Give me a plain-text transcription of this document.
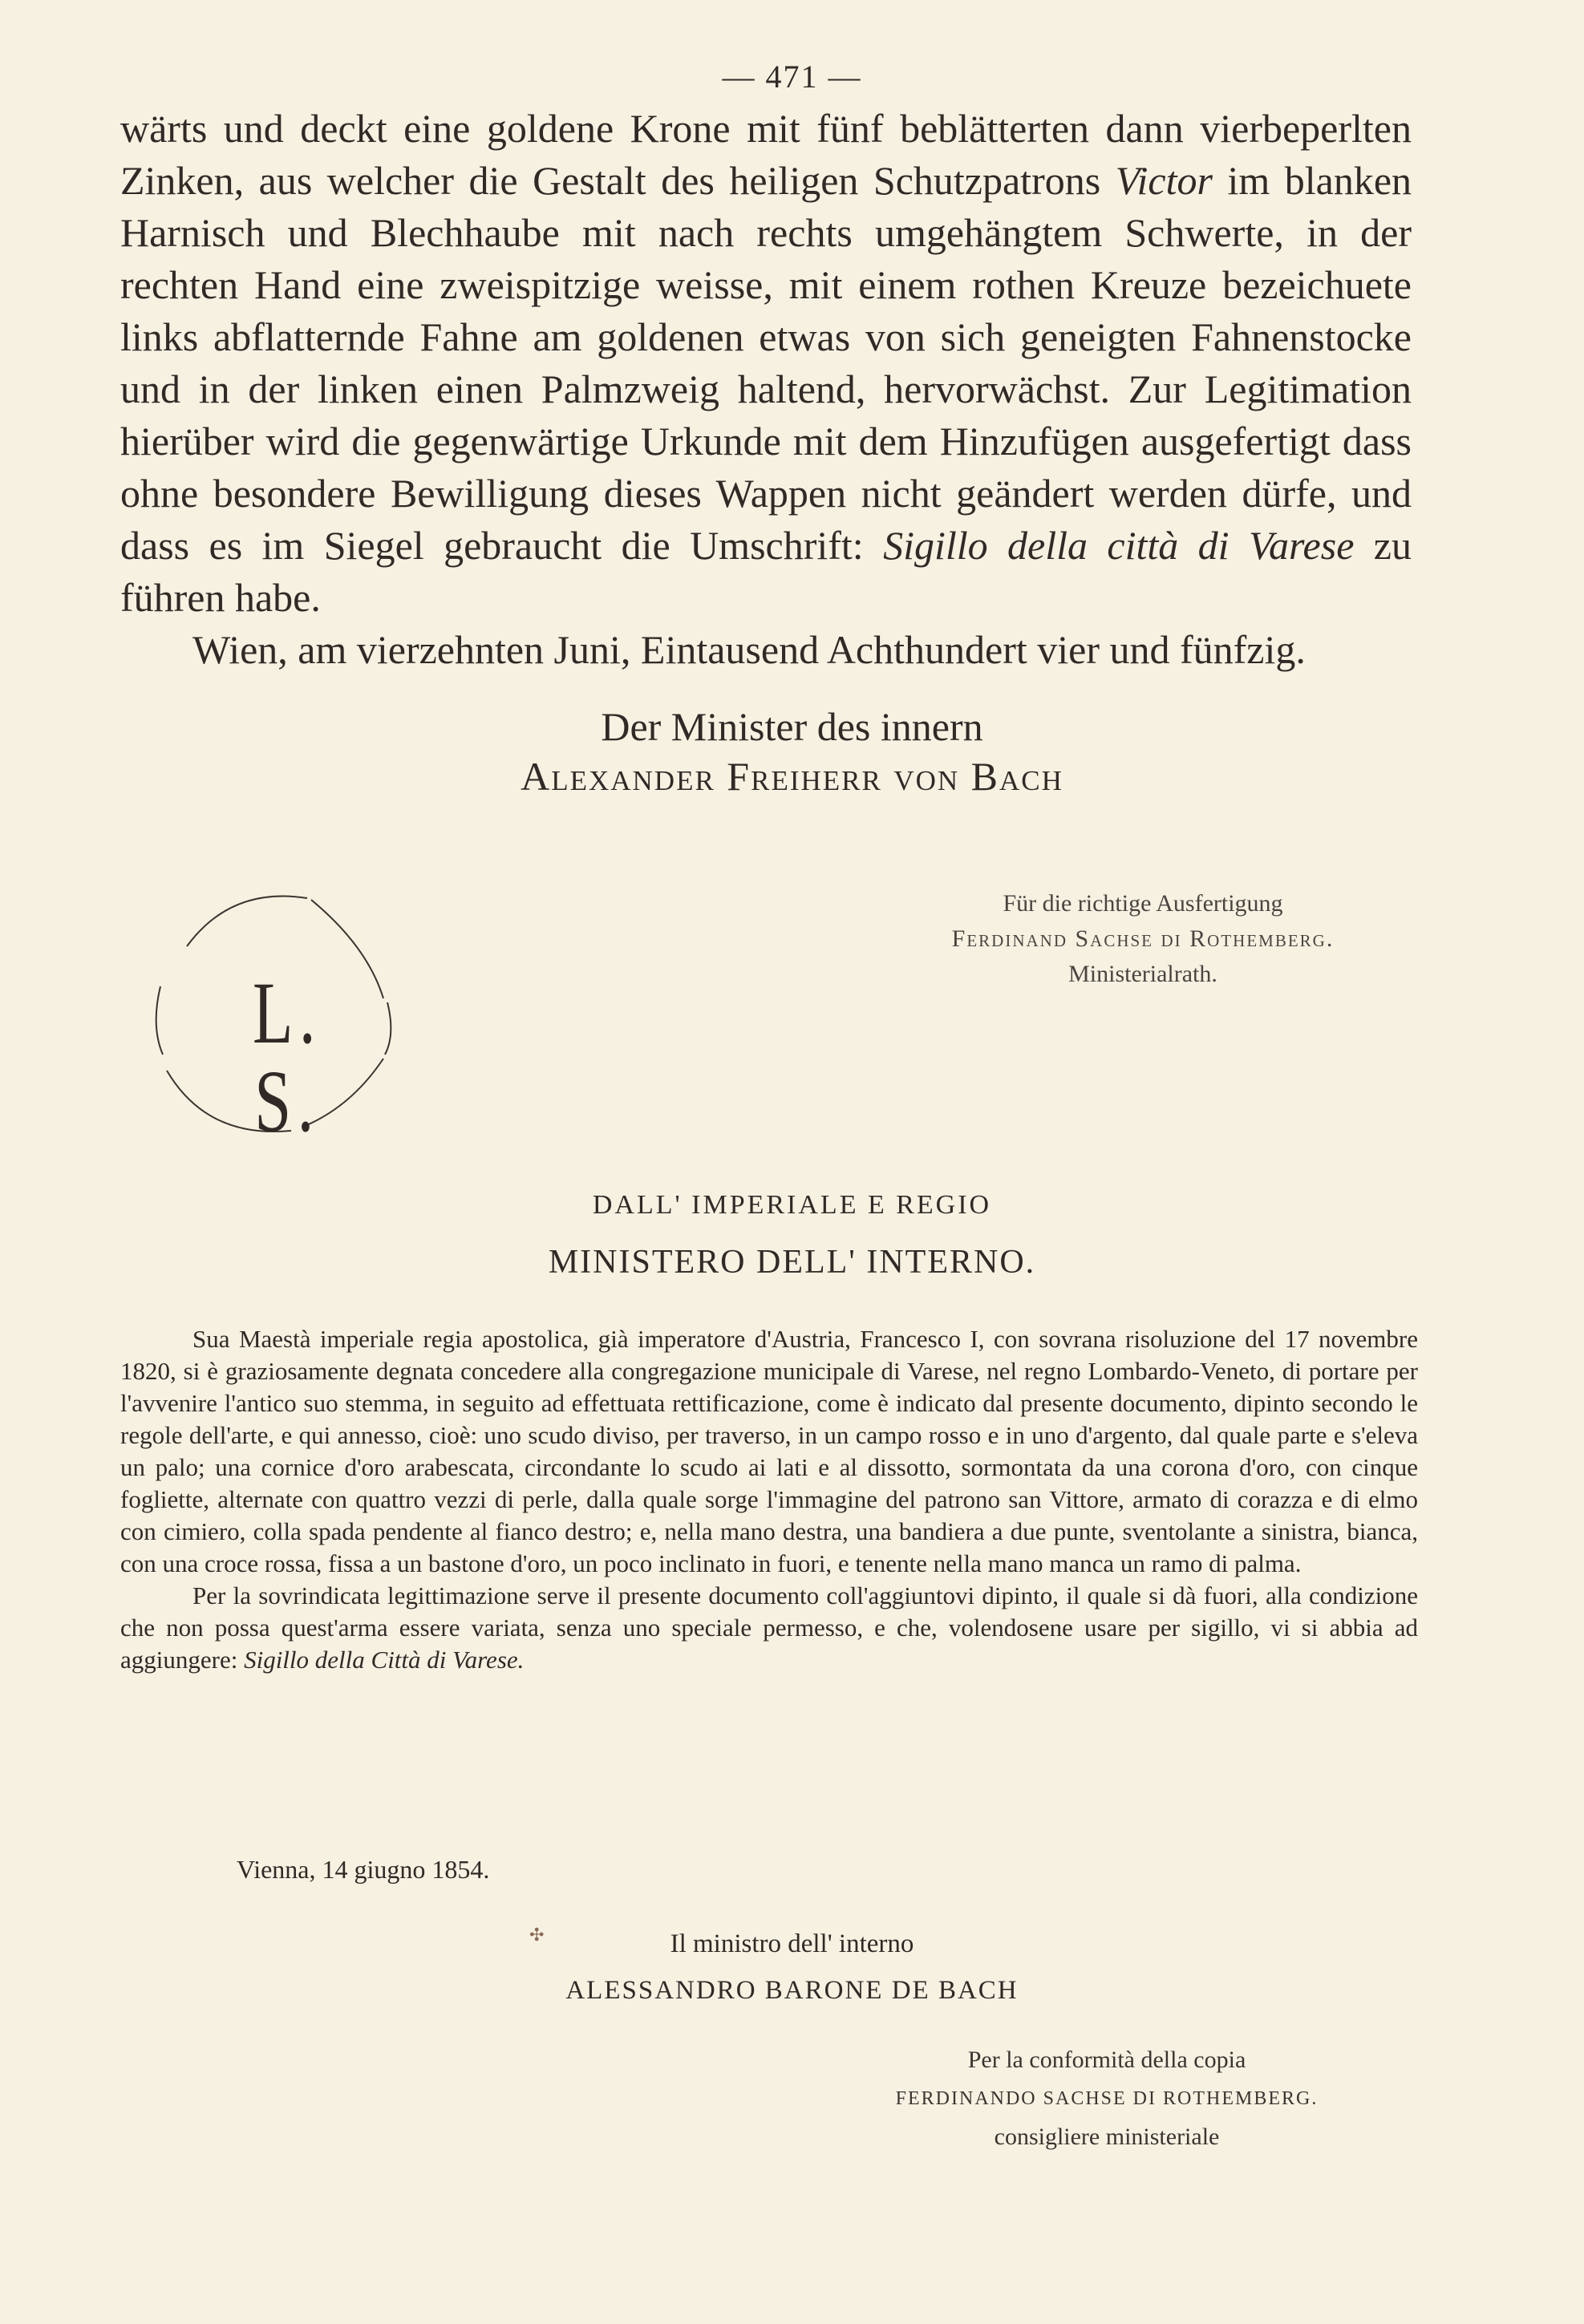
— 471 —

wärts und deckt eine goldene Krone mit fünf beblätterten dann vierbeperlten Zinken, aus welcher die Gestalt des heiligen Schutzpatrons Victor im blanken Harnisch und Blechhaube mit nach rechts umgehängtem Schwerte, in der rechten Hand eine zweispitzige weisse, mit einem rothen Kreuze bezeichuete links abflatternde Fahne am goldenen etwas von sich geneigten Fahnenstocke und in der linken einen Palmzweig haltend, hervorwächst. Zur Legitimation hierüber wird die gegenwärtige Urkunde mit dem Hinzufügen ausgefertigt dass ohne besondere Bewilligung dieses Wappen nicht geändert werden dürfe, und dass es im Siegel gebraucht die Umschrift: Sigillo della città di Varese zu führen habe.

Wien, am vierzehnten Juni, Eintausend Achthundert vier und fünfzig.

Der Minister des innern
Alexander Freiherr von Bach
L. S.
Für die richtige Ausfertigung
Ferdinand Sachse di Rothemberg.
Ministerialrath.
DALL' IMPERIALE E REGIO
MINISTERO DELL' INTERNO.

Sua Maestà imperiale regia apostolica, già imperatore d'Austria, Francesco I, con sovrana risoluzione del 17 novembre 1820, si è graziosamente degnata concedere alla congregazione municipale di Varese, nel regno Lombardo-Veneto, di portare per l'avvenire l'antico suo stemma, in seguito ad effettuata rettificazione, come è indicato dal presente documento, dipinto secondo le regole dell'arte, e qui annesso, cioè: uno scudo diviso, per traverso, in un campo rosso e in uno d'argento, dal quale parte e s'eleva un palo; una cornice d'oro arabescata, circondante lo scudo ai lati e al dissotto, sormontata da una corona d'oro, con cinque fogliette, alternate con quattro vezzi di perle, dalla quale sorge l'immagine del patrono san Vittore, armato di corazza e di elmo con cimiero, colla spada pendente al fianco destro; e, nella mano destra, una bandiera a due punte, sventolante a sinistra, bianca, con una croce rossa, fissa a un bastone d'oro, un poco inclinato in fuori, e tenente nella mano manca un ramo di palma.

Per la sovrindicata legittimazione serve il presente documento coll'aggiuntovi dipinto, il quale si dà fuori, alla condizione che non possa quest'arma essere variata, senza uno speciale permesso, e che, volendosene usare per sigillo, vi si abbia ad aggiungere: Sigillo della Città di Varese.

Vienna, 14 giugno 1854.
✣	Il ministro dell' interno
ALESSANDRO BARONE DE BACH
Per la conformità della copia
FERDINANDO SACHSE DI ROTHEMBERG.
consigliere ministeriale
